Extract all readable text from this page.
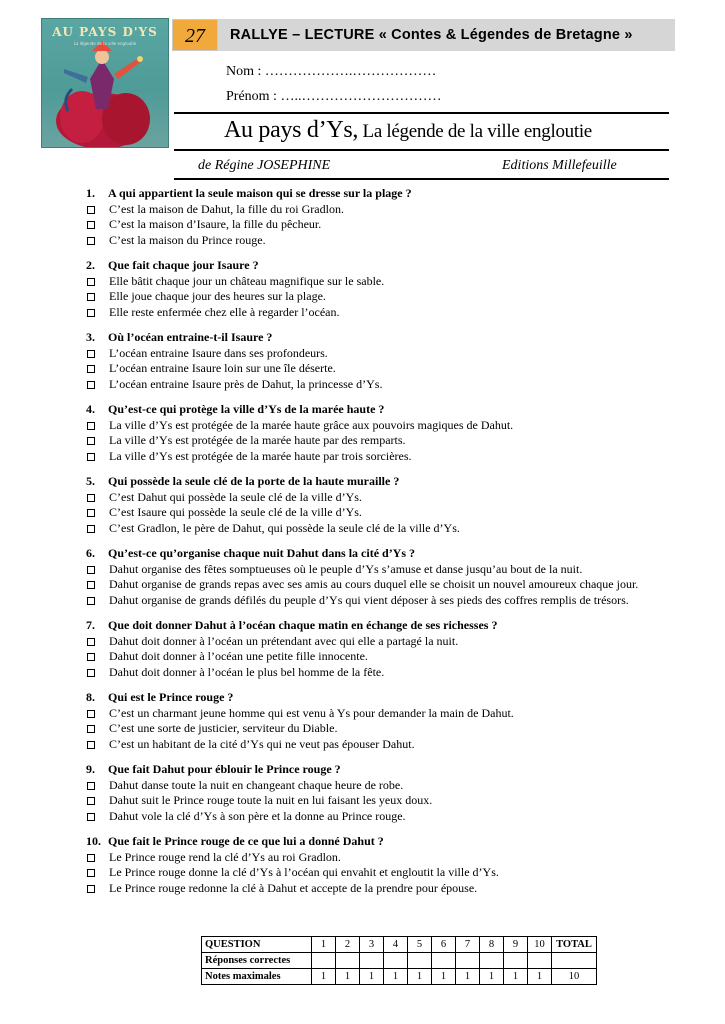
AU PAYS D'YS
La légende de la ville engloutie	27	RALLYE – LECTURE « Contes & Légendes de Bretagne »
Nom : ……………….………………
Prénom : …..…………………………
Au pays d’Ys, La légende de la ville engloutie
de Régine JOSEPHINE	Editions Millefeuille
1.	A qui appartient la seule maison qui se dresse sur la plage ?
C’est la maison de Dahut, la fille du roi Gradlon.
C’est la maison d’Isaure, la fille du pêcheur.
C’est la maison du Prince rouge.
2.	Que fait chaque jour Isaure ?
Elle bâtit chaque jour un château magnifique sur le sable.
Elle joue chaque jour des heures sur la plage.
Elle reste enfermée chez elle à regarder l’océan.
3.	Où l’océan entraine-t-il Isaure ?
L’océan entraine Isaure dans ses profondeurs.
L’océan entraine Isaure loin sur une île déserte.
L’océan entraine Isaure près de Dahut, la princesse d’Ys.
4.	Qu’est-ce qui protège la ville d’Ys de la marée haute ?
La ville d’Ys est protégée de la marée haute grâce aux pouvoirs magiques de Dahut.
La ville d’Ys est protégée de la marée haute par des remparts.
La ville d’Ys est protégée de la marée haute par trois sorcières.
5.	Qui possède la seule clé de la porte de la haute muraille ?
C’est Dahut qui possède la seule clé de la ville d’Ys.
C’est Isaure qui possède la seule clé de la ville d’Ys.
C’est Gradlon, le père de Dahut, qui possède la seule clé de la ville d’Ys.
6.	Qu’est-ce qu’organise chaque nuit Dahut dans la cité d’Ys ?
Dahut organise des fêtes somptueuses où le peuple d’Ys s’amuse et danse jusqu’au bout de la nuit.
Dahut organise de grands repas avec ses amis au cours duquel elle se choisit un nouvel amoureux chaque jour.
Dahut organise de grands défilés du peuple d’Ys qui vient déposer à ses pieds des coffres remplis de trésors.
7.	Que doit donner Dahut à l’océan chaque matin en échange de ses richesses ?
Dahut doit donner à l’océan un prétendant avec qui elle a partagé la nuit.
Dahut doit donner à l’océan une petite fille innocente.
Dahut doit donner à l’océan le plus bel homme de la fête.
8.	Qui est le Prince rouge ?
C’est un charmant jeune homme qui est venu à Ys pour demander la main de Dahut.
C’est une sorte de justicier, serviteur du Diable.
C’est un habitant de la cité d’Ys qui ne veut pas épouser Dahut.
9.	Que fait Dahut pour éblouir le Prince rouge ?
Dahut danse toute la nuit en changeant chaque heure de robe.
Dahut suit le Prince rouge toute la nuit en lui faisant les yeux doux.
Dahut vole la clé d’Ys à son père et la donne au Prince rouge.
10. Que fait le Prince rouge de ce que lui a donné Dahut ?
Le Prince rouge rend la clé d’Ys au roi Gradlon.
Le Prince rouge donne la clé d’Ys à l’océan qui envahit et engloutit la ville d’Ys.
Le Prince rouge redonne la clé à Dahut et accepte de la prendre pour épouse.
QUESTION	1	2	3	4	5	6	7	8	9	10	TOTAL
Réponses correctes											
Notes maximales	1	1	1	1	1	1	1	1	1	1	10
